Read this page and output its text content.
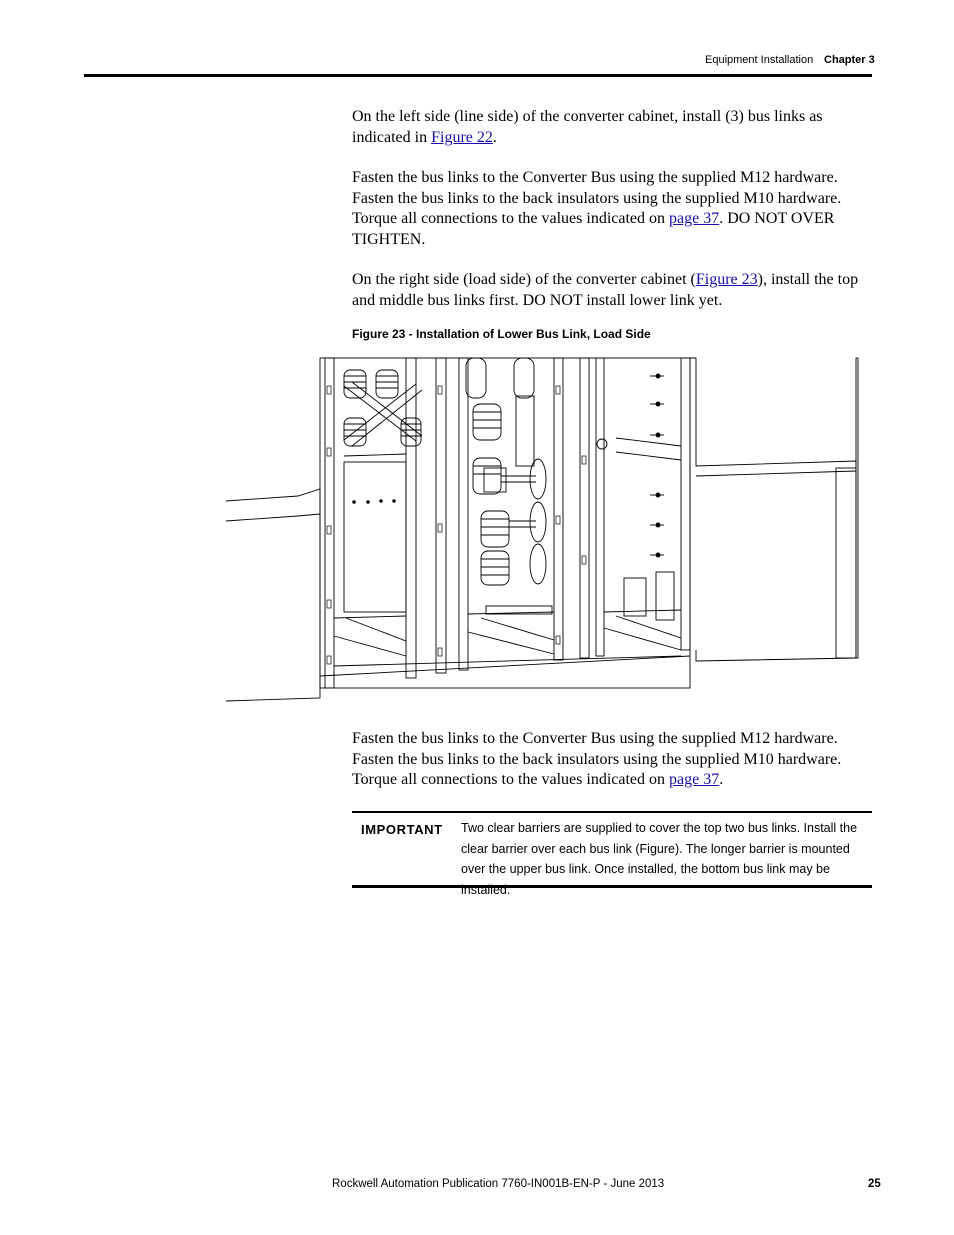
Equipment Installation Chapter 3

On the left side (line side) of the converter cabinet, install (3) bus links as indicated in Figure 22.

Fasten the bus links to the Converter Bus using the supplied M12 hardware. Fasten the bus links to the back insulators using the supplied M10 hardware. Torque all connections to the values indicated on page 37. DO NOT OVER TIGHTEN.

On the right side (load side) of the converter cabinet (Figure 23), install the top and middle bus links first. DO NOT install lower link yet.

Figure 23 - Installation of Lower Bus Link, Load Side

Fasten the bus links to the Converter Bus using the supplied M12 hardware. Fasten the bus links to the back insulators using the supplied M10 hardware. Torque all connections to the values indicated on page 37.

IMPORTANT Two clear barriers are supplied to cover the top two bus links. Install the clear barrier over each bus link (Figure). The longer barrier is mounted over the upper bus link. Once installed, the bottom bus link may be installed.
Rockwell Automation Publication 7760-IN001B-EN-P - June 2013	25
